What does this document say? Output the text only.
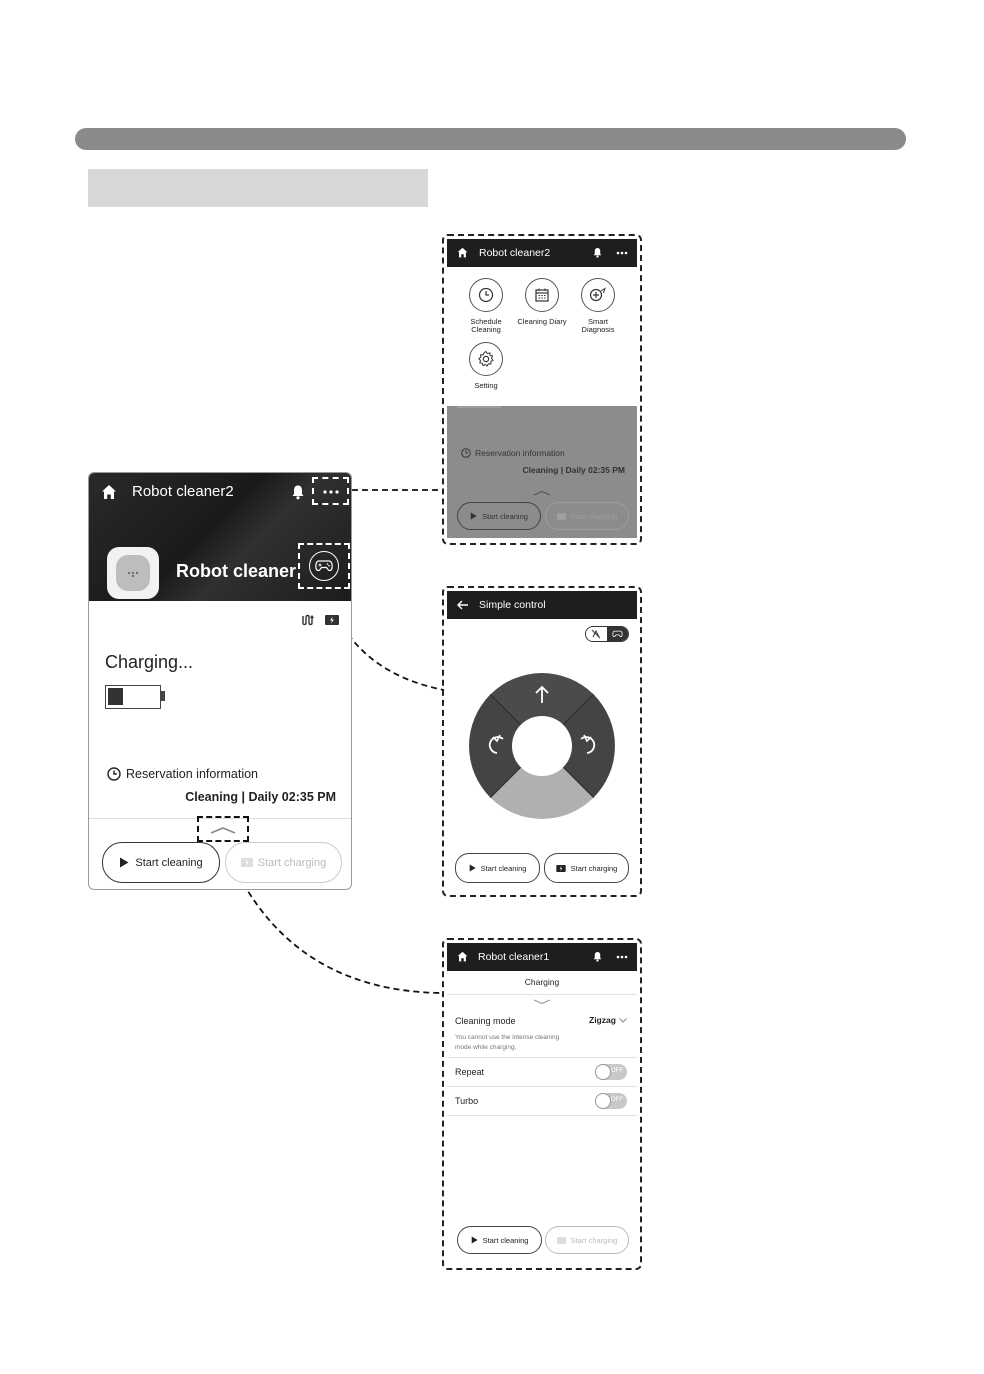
Robot cleaner2
Robot cleaner
Charging...
Reservation information
Cleaning | Daily 02:35 PM
Start cleaning	Start charging
Robot cleaner2
Schedule
Cleaning
Cleaning Diary	Smart
Diagnosis
Setting
Reservation information
Cleaning | Daily 02:35 PM
Start cleaning	Start charging
Simple control
Start cleaning	Start charging
Robot cleaner1
Charging
Cleaning mode	Zigzag
You cannot use the intense cleaning
mode while charging.
Repeat	OFF
Turbo	OFF
Start cleaning	Start charging
